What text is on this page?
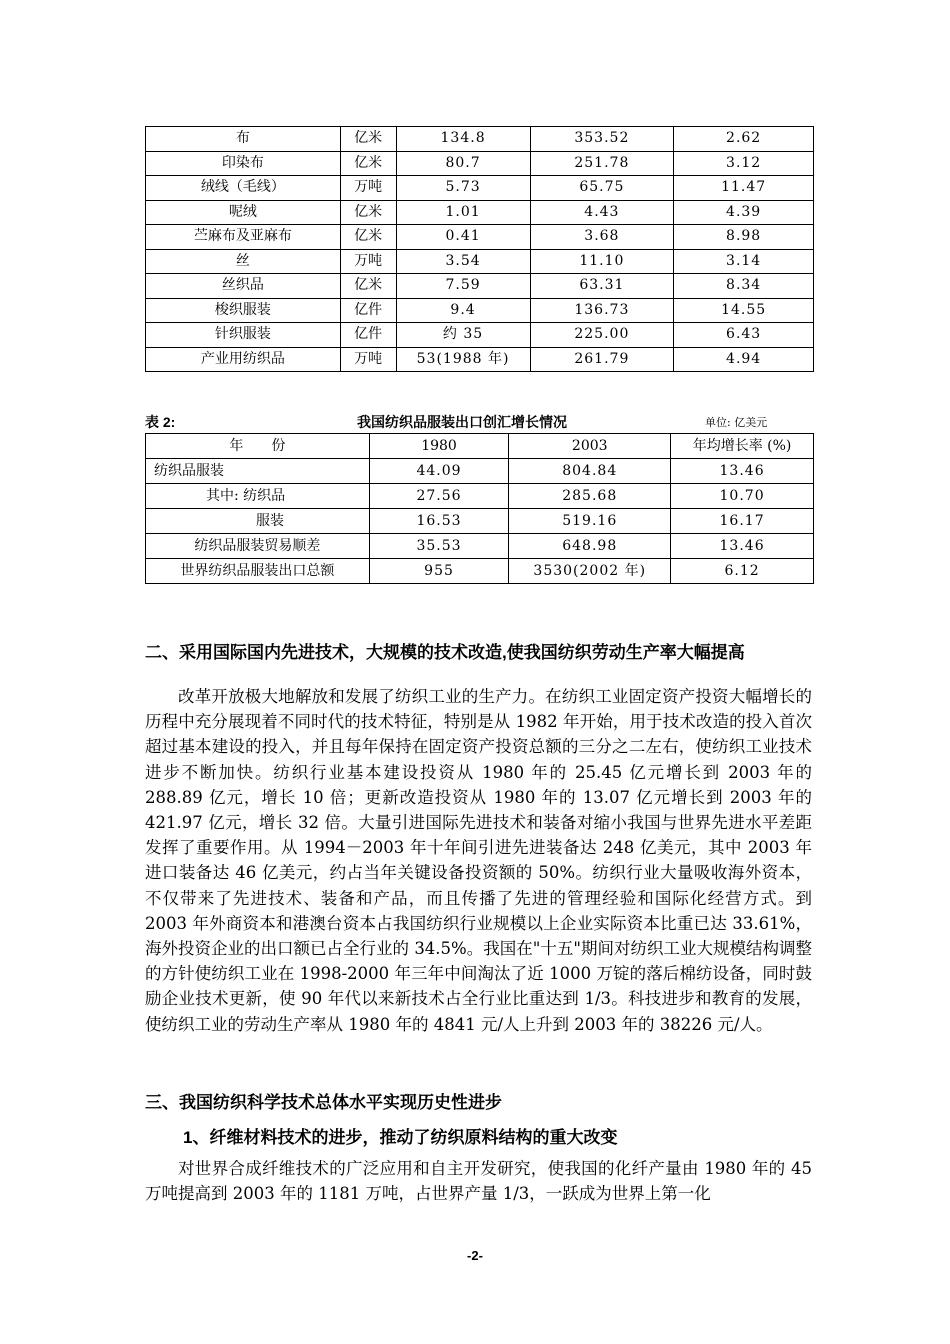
布	亿米	134.8	353.52	2.62
印染布	亿米	80.7	251.78	3.12
绒线（毛线）	万吨	5.73	65.75	11.47
呢绒	亿米	1.01	4.43	4.39
苎麻布及亚麻布	亿米	0.41	3.68	8.98
丝	万吨	3.54	11.10	3.14
丝织品	亿米	7.59	63.31	8.34
梭织服装	亿件	9.4	136.73	14.55
针织服装	亿件	约 35	225.00	6.43
产业用纺织品	万吨	53(1988 年)	261.79	4.94
表 2:	我国纺织品服装出口创汇增长情况	单位: 亿美元
年　　份	1980	2003	年均增长率 (%)
纺织品服装	44.09	804.84	13.46
其中: 纺织品	27.56	285.68	10.70
服装	16.53	519.16	16.17
纺织品服装贸易顺差	35.53	648.98	13.46
世界纺织品服装出口总额	955	3530(2002 年)	6.12
二、采用国际国内先进技术，大规模的技术改造,使我国纺织劳动生产率大幅提高
改革开放极大地解放和发展了纺织工业的生产力。在纺织工业固定资产投资大幅增长的历程中充分展现着不同时代的技术特征，特别是从 1982 年开始，用于技术改造的投入首次超过基本建设的投入，并且每年保持在固定资产投资总额的三分之二左右，使纺织工业技术进步不断加快。纺织行业基本建设投资从 1980 年的 25.45 亿元增长到 2003 年的 288.89 亿元，增长 10 倍；更新改造投资从 1980 年的 13.07 亿元增长到 2003 年的 421.97 亿元，增长 32 倍。大量引进国际先进技术和装备对缩小我国与世界先进水平差距发挥了重要作用。从 1994－2003 年十年间引进先进装备达 248 亿美元，其中 2003 年进口装备达 46 亿美元，约占当年关键设备投资额的 50%。纺织行业大量吸收海外资本，不仅带来了先进技术、装备和产品，而且传播了先进的管理经验和国际化经营方式。到 2003 年外商资本和港澳台资本占我国纺织行业规模以上企业实际资本比重已达 33.61%，海外投资企业的出口额已占全行业的 34.5%。我国在"十五"期间对纺织工业大规模结构调整的方针使纺织工业在 1998-2000 年三年中间淘汰了近 1000 万锭的落后棉纺设备，同时鼓励企业技术更新，使 90 年代以来新技术占全行业比重达到 1/3。科技进步和教育的发展，使纺织工业的劳动生产率从 1980 年的 4841 元/人上升到 2003 年的 38226 元/人。
三、我国纺织科学技术总体水平实现历史性进步
1、纤维材料技术的进步，推动了纺织原料结构的重大改变
对世界合成纤维技术的广泛应用和自主开发研究，使我国的化纤产量由 1980 年的 45 万吨提高到 2003 年的 1181 万吨，占世界产量 1/3，一跃成为世界上第一化
-2-
